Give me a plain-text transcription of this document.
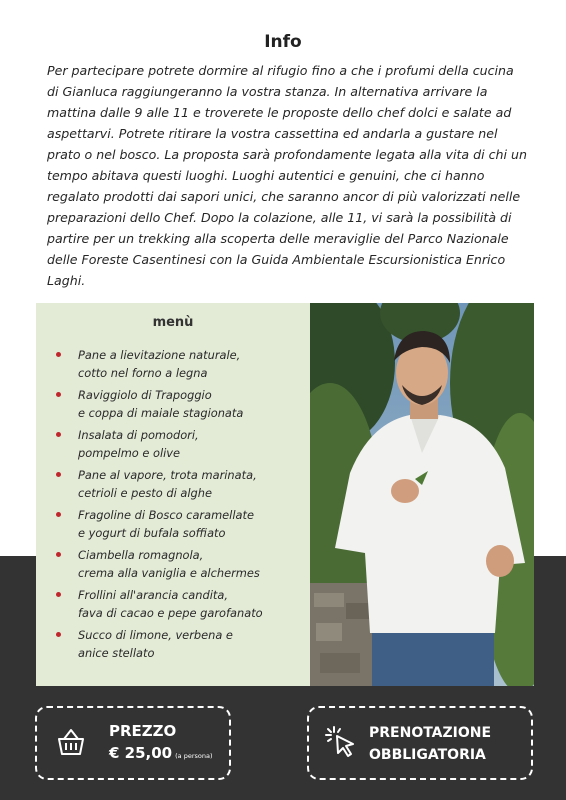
Info

Per partecipare potrete dormire al rifugio fino a che i profumi della cucina di Gianluca raggiungeranno la vostra stanza. In alternativa arrivare la mattina dalle 9 alle 11 e troverete le proposte dello chef dolci e salate ad aspettarvi. Potrete ritirare la vostra cassettina ed andarla a gustare nel prato o nel bosco. La proposta sarà profondamente legata alla vita di chi un tempo abitava questi luoghi. Luoghi autentici e genuini, che ci hanno regalato prodotti dai sapori unici, che saranno ancor di più valorizzati nelle preparazioni dello Chef. Dopo la colazione, alle 11, vi sarà la possibilità di partire per un trekking alla scoperta delle meraviglie del Parco Nazionale delle Foreste Casentinesi con la Guida Ambientale Escursionistica Enrico Laghi.

menù
Pane a lievitazione naturale,
cotto nel forno a legna
Raviggiolo di Trapoggio
e coppa di maiale stagionata
Insalata di pomodori,
pompelmo e olive
Pane al vapore, trota marinata,
cetrioli e pesto di alghe
Fragoline di Bosco caramellate
e yogurt di bufala soffiato
Ciambella romagnola,
crema alla vaniglia e alchermes
Frollini all'arancia candita,
fava di cacao e pepe garofanato
Succo di limone, verbena e
anice stellato
PREZZO
€ 25,00 (a persona)
PRENOTAZIONE
OBBLIGATORIA
